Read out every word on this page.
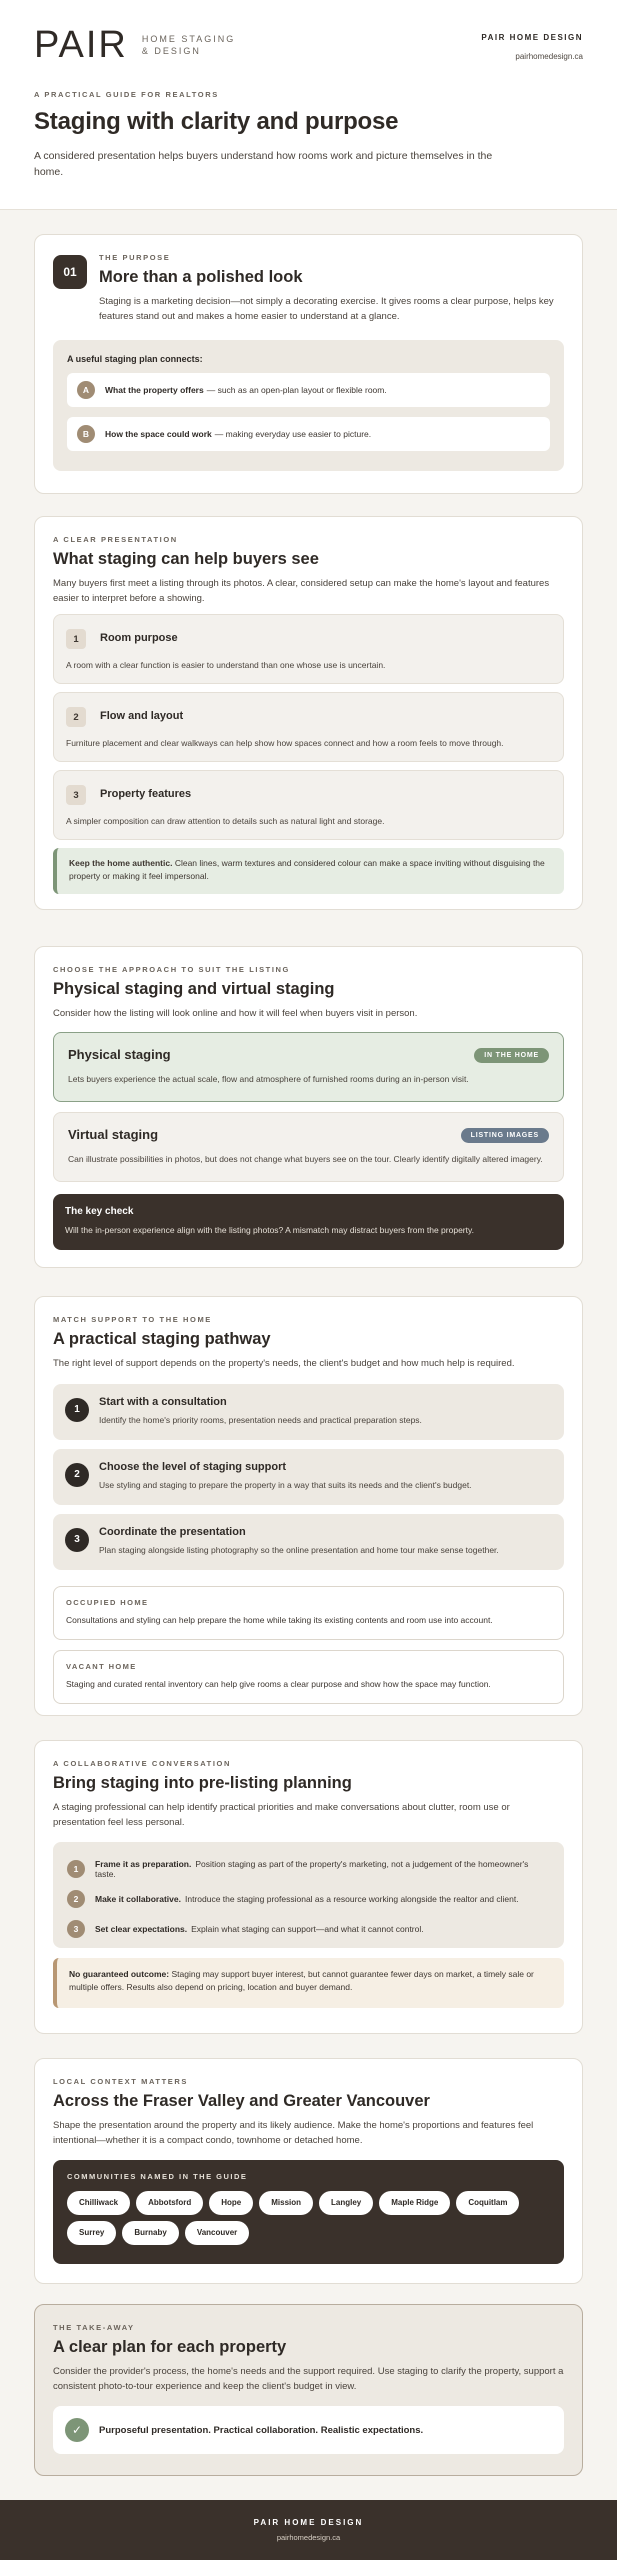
PAIR HOME STAGING
& DESIGN
PAIR HOME DESIGN
pairhomedesign.ca
A PRACTICAL GUIDE FOR REALTORS
Staging with clarity and purpose

A considered presentation helps buyers understand how rooms work and picture themselves in the home.

01
THE PURPOSE
More than a polished look

Staging is a marketing decision—not simply a decorating exercise. It gives rooms a clear purpose, helps key features stand out and makes a home easier to understand at a glance.

A useful staging plan connects:
A	What the property offers — such as an open-plan layout or flexible room.
B	How the space could work — making everyday use easier to picture.
A CLEAR PRESENTATION
What staging can help buyers see

Many buyers first meet a listing through its photos. A clear, considered setup can make the home's layout and features easier to interpret before a showing.

1	Room purpose
A room with a clear function is easier to understand than one whose use is uncertain.
2	Flow and layout
Furniture placement and clear walkways can help show how spaces connect and how a room feels to move through.
3	Property features
A simpler composition can draw attention to details such as natural light and storage.
Keep the home authentic. Clean lines, warm textures and considered colour can make a space inviting without disguising the property or making it feel impersonal.
CHOOSE THE APPROACH TO SUIT THE LISTING
Physical staging and virtual staging

Consider how the listing will look online and how it will feel when buyers visit in person.

Physical staging	IN THE HOME
Lets buyers experience the actual scale, flow and atmosphere of furnished rooms during an in-person visit.
Virtual staging	LISTING IMAGES
Can illustrate possibilities in photos, but does not change what buyers see on the tour. Clearly identify digitally altered imagery.
The key check
Will the in-person experience align with the listing photos? A mismatch may distract buyers from the property.
MATCH SUPPORT TO THE HOME
A practical staging pathway

The right level of support depends on the property's needs, the client's budget and how much help is required.

1
Start with a consultation
Identify the home's priority rooms, presentation needs and practical preparation steps.
2
Choose the level of staging support
Use styling and staging to prepare the property in a way that suits its needs and the client's budget.
3
Coordinate the presentation
Plan staging alongside listing photography so the online presentation and home tour make sense together.
OCCUPIED HOME
Consultations and styling can help prepare the home while taking its existing contents and room use into account.
VACANT HOME
Staging and curated rental inventory can help give rooms a clear purpose and show how the space may function.
A COLLABORATIVE CONVERSATION
Bring staging into pre-listing planning

A staging professional can help identify practical priorities and make conversations about clutter, room use or presentation feel less personal.

1	Frame it as preparation. Position staging as part of the property's marketing, not a judgement of the homeowner's taste.
2	Make it collaborative. Introduce the staging professional as a resource working alongside the realtor and client.
3	Set clear expectations. Explain what staging can support—and what it cannot control.
No guaranteed outcome: Staging may support buyer interest, but cannot guarantee fewer days on market, a timely sale or multiple offers. Results also depend on pricing, location and buyer demand.
LOCAL CONTEXT MATTERS
Across the Fraser Valley and Greater Vancouver

Shape the presentation around the property and its likely audience. Make the home's proportions and features feel intentional—whether it is a compact condo, townhome or detached home.

COMMUNITIES NAMED IN THE GUIDE
Chilliwack	Abbotsford	Hope	Mission	Langley	Maple Ridge	Coquitlam
Surrey	Burnaby	Vancouver
THE TAKE-AWAY
A clear plan for each property

Consider the provider's process, the home's needs and the support required. Use staging to clarify the property, support a consistent photo-to-tour experience and keep the client's budget in view.

✓	Purposeful presentation. Practical collaboration. Realistic expectations.
PAIR HOME DESIGN
pairhomedesign.ca
